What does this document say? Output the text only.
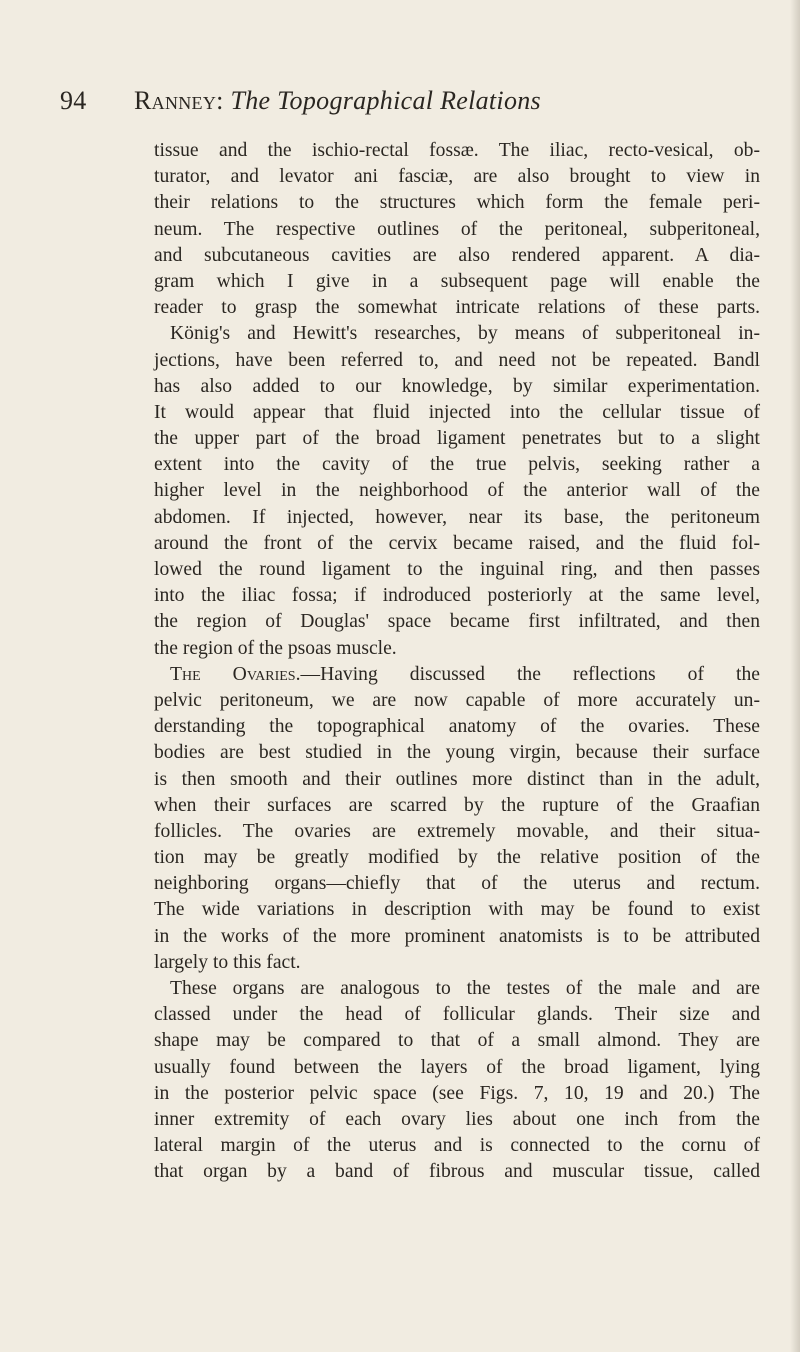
94 Ranney: The Topographical Relations
tissue and the ischio-rectal fossæ. The iliac, recto-vesical, ob-
turator, and levator ani fasciæ, are also brought to view in
their relations to the structures which form the female peri-
neum. The respective outlines of the peritoneal, subperitoneal,
and subcutaneous cavities are also rendered apparent. A dia-
gram which I give in a subsequent page will enable the
reader to grasp the somewhat intricate relations of these parts.
König's and Hewitt's researches, by means of subperitoneal in-
jections, have been referred to, and need not be repeated. Bandl
has also added to our knowledge, by similar experimentation.
It would appear that fluid injected into the cellular tissue of
the upper part of the broad ligament penetrates but to a slight
extent into the cavity of the true pelvis, seeking rather a
higher level in the neighborhood of the anterior wall of the
abdomen. If injected, however, near its base, the peritoneum
around the front of the cervix became raised, and the fluid fol-
lowed the round ligament to the inguinal ring, and then passes
into the iliac fossa; if indroduced posteriorly at the same level,
the region of Douglas' space became first infiltrated, and then
the region of the psoas muscle.
The Ovaries.—Having discussed the reflections of the
pelvic peritoneum, we are now capable of more accurately un-
derstanding the topographical anatomy of the ovaries. These
bodies are best studied in the young virgin, because their surface
is then smooth and their outlines more distinct than in the adult,
when their surfaces are scarred by the rupture of the Graafian
follicles. The ovaries are extremely movable, and their situa-
tion may be greatly modified by the relative position of the
neighboring organs—chiefly that of the uterus and rectum.
The wide variations in description with may be found to exist
in the works of the more prominent anatomists is to be attributed
largely to this fact.
These organs are analogous to the testes of the male and are
classed under the head of follicular glands. Their size and
shape may be compared to that of a small almond. They are
usually found between the layers of the broad ligament, lying
in the posterior pelvic space (see Figs. 7, 10, 19 and 20.) The
inner extremity of each ovary lies about one inch from the
lateral margin of the uterus and is connected to the cornu of
that organ by a band of fibrous and muscular tissue, called
